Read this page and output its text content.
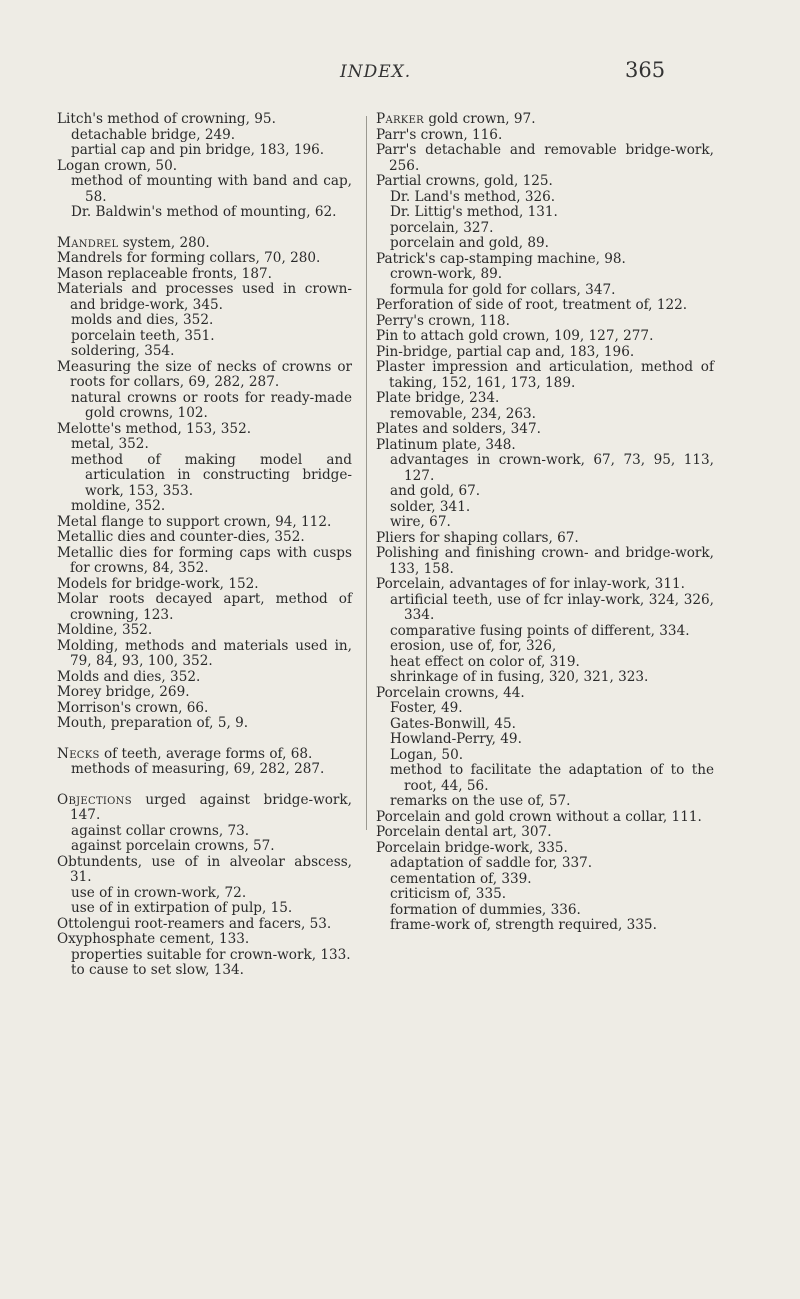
INDEX.	365
Litch's method of crowning, 95.
detachable bridge, 249.
partial cap and pin bridge, 183, 196.
Logan crown, 50.
method of mounting with band and cap, 58.
Dr. Baldwin's method of mounting, 62.
Mandrel system, 280.
Mandrels for forming collars, 70, 280.
Mason replaceable fronts, 187.
Materials and processes used in crown- and bridge-work, 345.
molds and dies, 352.
porcelain teeth, 351.
soldering, 354.
Measuring the size of necks of crowns or roots for collars, 69, 282, 287.
natural crowns or roots for ready-made gold crowns, 102.
Melotte's method, 153, 352.
metal, 352.
method of making model and articulation in constructing bridge-work, 153, 353.
moldine, 352.
Metal flange to support crown, 94, 112.
Metallic dies and counter-dies, 352.
Metallic dies for forming caps with cusps for crowns, 84, 352.
Models for bridge-work, 152.
Molar roots decayed apart, method of crowning, 123.
Moldine, 352.
Molding, methods and materials used in, 79, 84, 93, 100, 352.
Molds and dies, 352.
Morey bridge, 269.
Morrison's crown, 66.
Mouth, preparation of, 5, 9.
Necks of teeth, average forms of, 68.
methods of measuring, 69, 282, 287.
Objections urged against bridge-work, 147.
against collar crowns, 73.
against porcelain crowns, 57.
Obtundents, use of in alveolar abscess, 31.
use of in crown-work, 72.
use of in extirpation of pulp, 15.
Ottolengui root-reamers and facers, 53.
Oxyphosphate cement, 133.
properties suitable for crown-work, 133.
to cause to set slow, 134.
Parker gold crown, 97.
Parr's crown, 116.
Parr's detachable and removable bridge-work, 256.
Partial crowns, gold, 125.
Dr. Land's method, 326.
Dr. Littig's method, 131.
porcelain, 327.
porcelain and gold, 89.
Patrick's cap-stamping machine, 98.
crown-work, 89.
formula for gold for collars, 347.
Perforation of side of root, treatment of, 122.
Perry's crown, 118.
Pin to attach gold crown, 109, 127, 277.
Pin-bridge, partial cap and, 183, 196.
Plaster impression and articulation, method of taking, 152, 161, 173, 189.
Plate bridge, 234.
removable, 234, 263.
Plates and solders, 347.
Platinum plate, 348.
advantages in crown-work, 67, 73, 95, 113, 127.
and gold, 67.
solder, 341.
wire, 67.
Pliers for shaping collars, 67.
Polishing and finishing crown- and bridge-work, 133, 158.
Porcelain, advantages of for inlay-work, 311.
artificial teeth, use of fcr inlay-work, 324, 326, 334.
comparative fusing points of different, 334.
erosion, use of, for, 326,
heat effect on color of, 319.
shrinkage of in fusing, 320, 321, 323.
Porcelain crowns, 44.
Foster, 49.
Gates-Bonwill, 45.
Howland-Perry, 49.
Logan, 50.
method to facilitate the adaptation of to the root, 44, 56.
remarks on the use of, 57.
Porcelain and gold crown without a collar, 111.
Porcelain dental art, 307.
Porcelain bridge-work, 335.
adaptation of saddle for, 337.
cementation of, 339.
criticism of, 335.
formation of dummies, 336.
frame-work of, strength required, 335.
